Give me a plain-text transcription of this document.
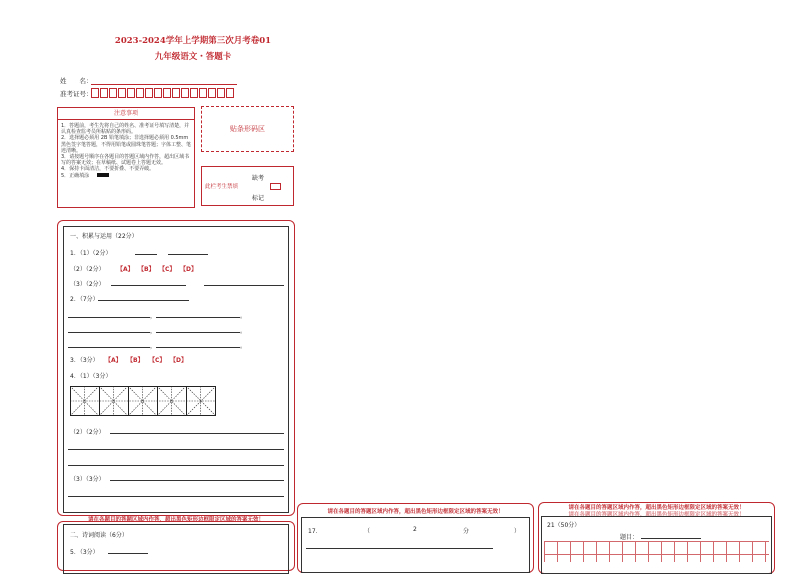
2023-2024学年上学期第三次月考卷01
九年级语文・答题卡
姓　　名：
准考证号：
注意事项
1．答题前，考生先将自己的姓名、准考证号填写清楚，并认真检查监考员所粘贴的条形码。
2．选择题必须用 2B 铅笔填涂；非选择题必须用 0.5mm黑色签字笔答题，不得用铅笔或圆珠笔答题；字体工整、笔迹清晰。
3．请按题号顺序在各题目的答题区域内作答，超出区域书写的答案无效；在草稿纸、试题卷上答题无效。
4．保持卡面清洁，不要折叠、不要弄破。
5．正确填涂
贴条形码区
缺考
此栏考生禁填
标记
一、积累与运用（22分）
1．（1）（2分）
（2）（2分） 【A】 【B】 【C】 【D】
（3）（2分）
2．（7分）
，	。
，	。
，	。
3．（3分） 【A】 【B】 【C】 【D】
4．（1）（3分）
（2）（2分）
（3）（3分）
请在各题目的答题区域内作答，超出黑色矩形边框限定区域的答案无效！
二、诗词阅读（6分）
5．（3分）
请在各题目的答题区域内作答，超出黑色矩形边框限定区域的答案无效！
17．	（	2	分	）
请在各题目的答题区域内作答，超出黑色矩形边框限定区域的答案无效！
请在各题目的答题区域内作答，超出黑色矩形边框限定区域的答案无效！
21（50分）
题目：
